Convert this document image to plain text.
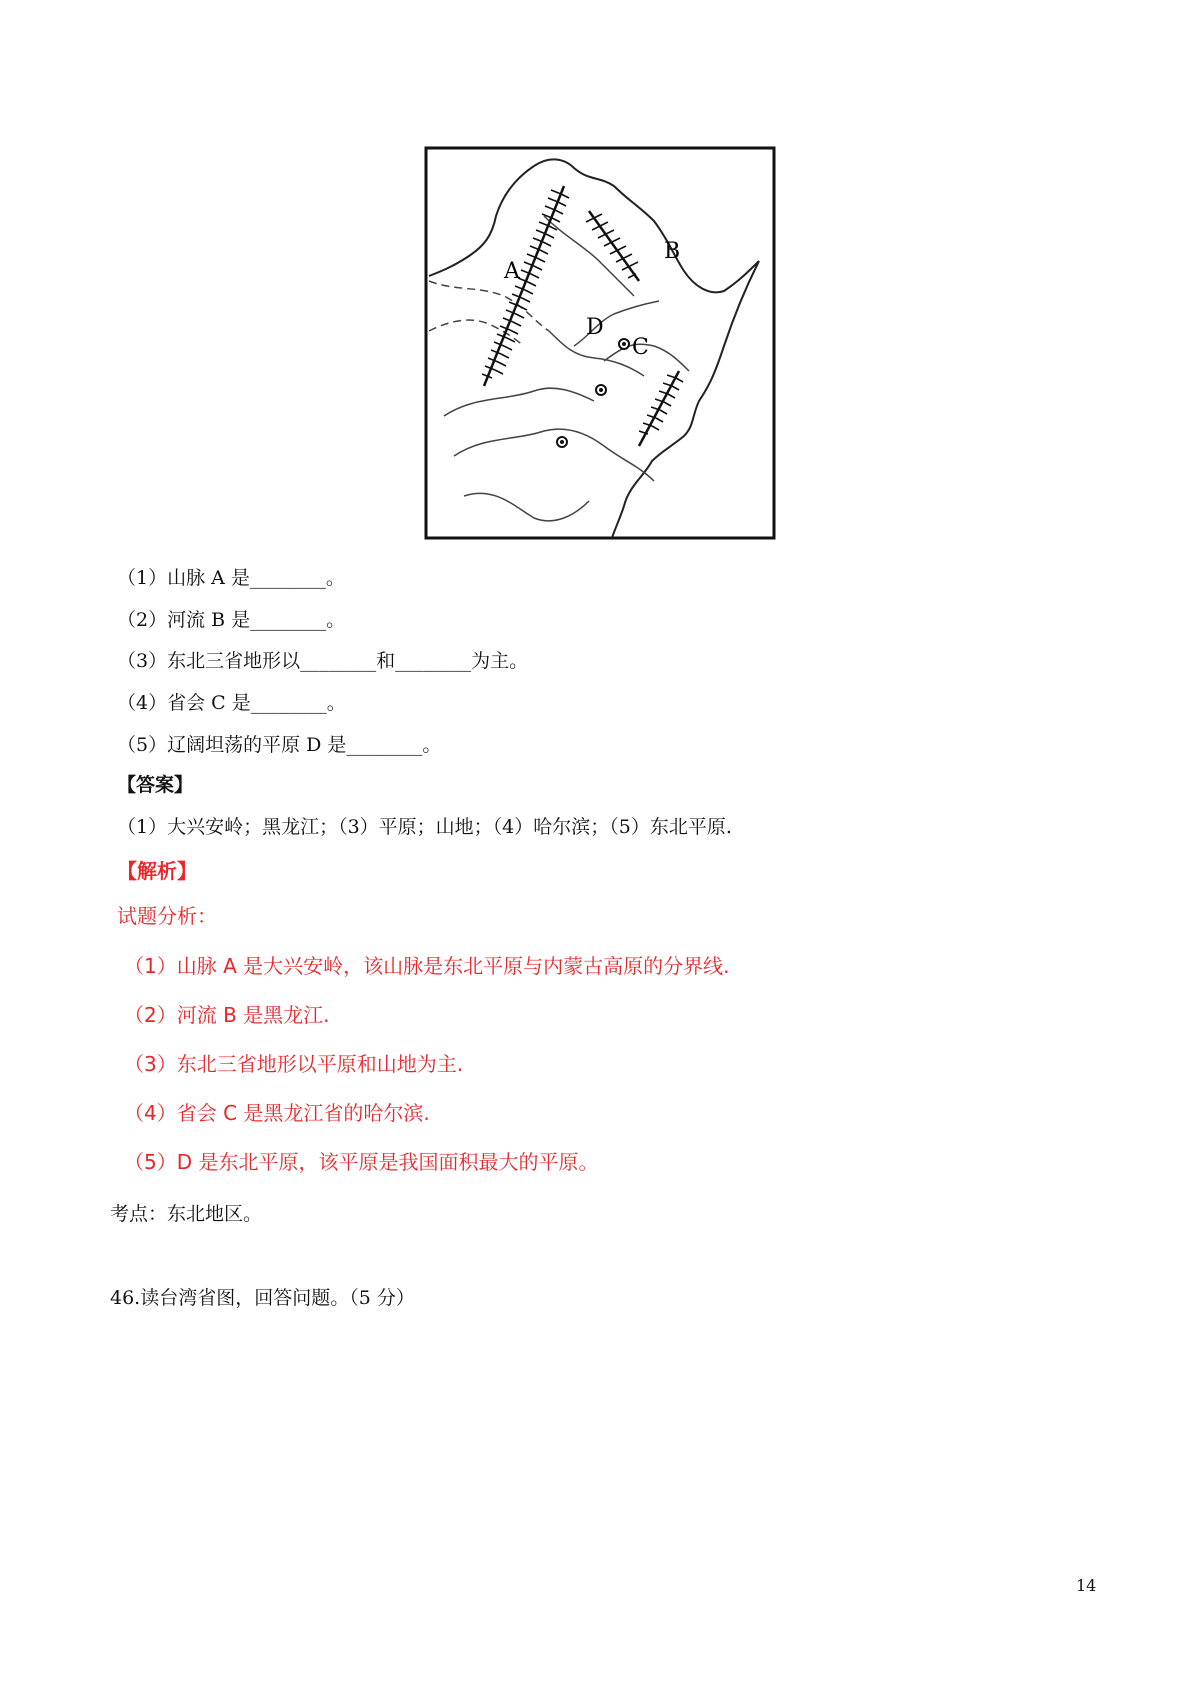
A
B
C
D
（1）山脉 A 是________。
（2）河流 B 是________。
（3）东北三省地形以________和________为主。
（4）省会 C 是________。
（5）辽阔坦荡的平原 D 是________。
【答案】
（1）大兴安岭；黑龙江；（3）平原；山地；（4）哈尔滨；（5）东北平原.
【解析】
试题分析：
（1）山脉 A 是大兴安岭，该山脉是东北平原与内蒙古高原的分界线.
（2）河流 B 是黑龙江.
（3）东北三省地形以平原和山地为主.
（4）省会 C 是黑龙江省的哈尔滨.
（5）D 是东北平原，该平原是我国面积最大的平原。
考点：东北地区。
46.读台湾省图，回答问题。（5 分）
14
